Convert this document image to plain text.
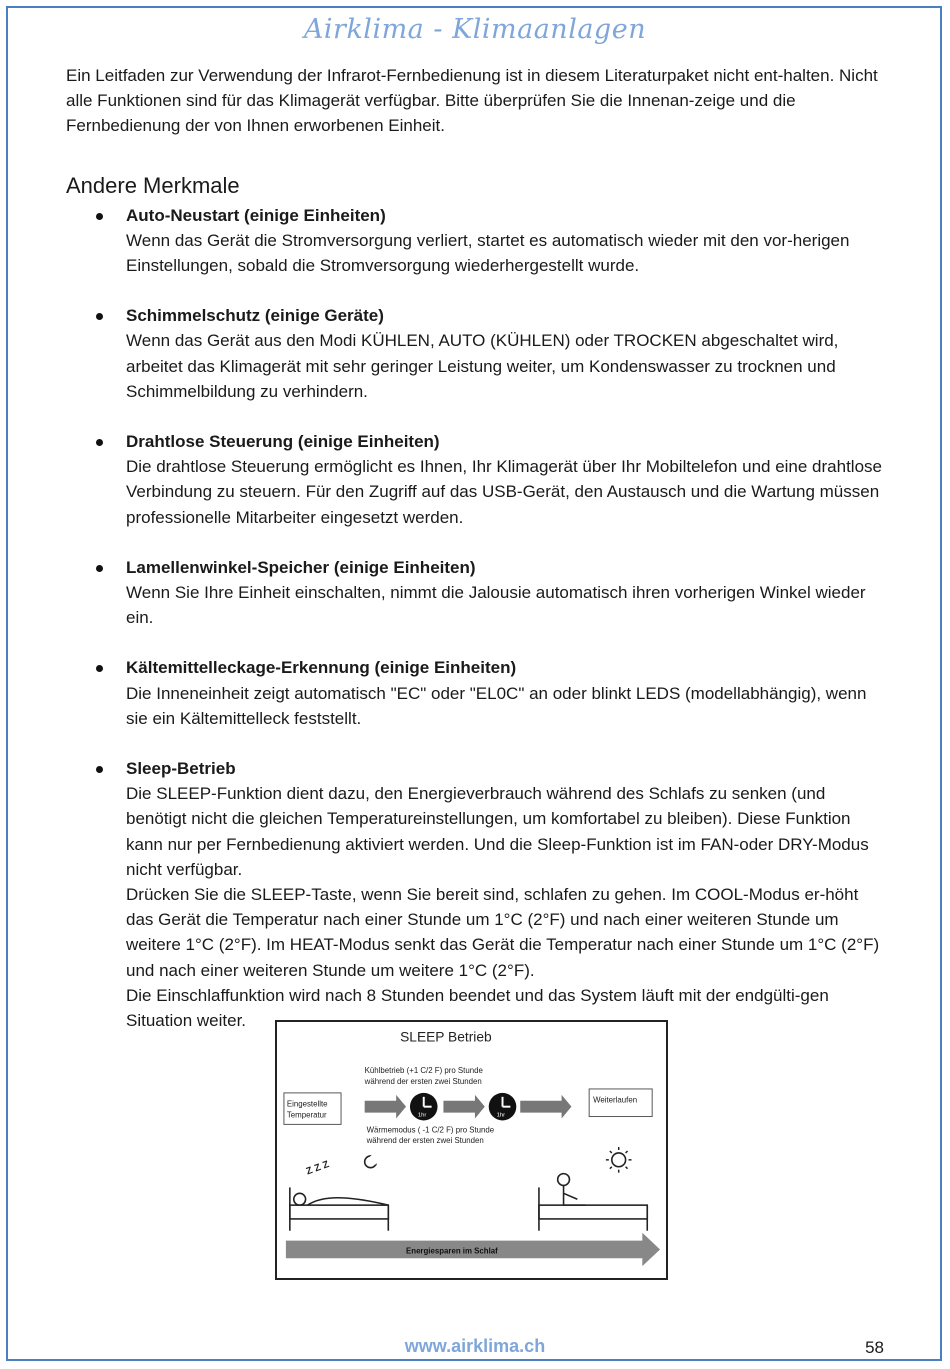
Airklima - Klimaanlagen

Ein Leitfaden zur Verwendung der Infrarot-Fernbedienung ist in diesem Literaturpaket nicht ent-halten. Nicht alle Funktionen sind für das Klimagerät verfügbar. Bitte überprüfen Sie die Innenan-zeige und die Fernbedienung der von Ihnen erworbenen Einheit.

Andere Merkmale
Auto-Neustart (einige Einheiten)

Wenn das Gerät die Stromversorgung verliert, startet es automatisch wieder mit den vor-herigen Einstellungen, sobald die Stromversorgung wiederhergestellt wurde.

Schimmelschutz (einige Geräte)

Wenn das Gerät aus den Modi KÜHLEN, AUTO (KÜHLEN) oder TROCKEN abgeschaltet wird, arbeitet das Klimagerät mit sehr geringer Leistung weiter, um Kondenswasser zu trocknen und Schimmelbildung zu verhindern.

Drahtlose Steuerung (einige Einheiten)

Die drahtlose Steuerung ermöglicht es Ihnen, Ihr Klimagerät über Ihr Mobiltelefon und eine drahtlose Verbindung zu steuern. Für den Zugriff auf das USB-Gerät, den Austausch und die Wartung müssen professionelle Mitarbeiter eingesetzt werden.

Lamellenwinkel-Speicher (einige Einheiten)

Wenn Sie Ihre Einheit einschalten, nimmt die Jalousie automatisch ihren vorherigen Winkel wieder ein.

Kältemittelleckage-Erkennung (einige Einheiten)

Die Inneneinheit zeigt automatisch "EC" oder "EL0C" an oder blinkt LEDS (modellabhängig), wenn sie ein Kältemittelleck feststellt.

Sleep-Betrieb

Die SLEEP-Funktion dient dazu, den Energieverbrauch während des Schlafs zu senken (und benötigt nicht die gleichen Temperatureinstellungen, um komfortabel zu bleiben). Diese Funktion kann nur per Fernbedienung aktiviert werden. Und die Sleep-Funktion ist im FAN-oder DRY-Modus nicht verfügbar.

Drücken Sie die SLEEP-Taste, wenn Sie bereit sind, schlafen zu gehen. Im COOL-Modus er-höht das Gerät die Temperatur nach einer Stunde um 1°C (2°F) und nach einer weiteren Stunde um weitere 1°C (2°F). Im HEAT-Modus senkt das Gerät die Temperatur nach einer Stunde um 1°C (2°F) und nach einer weiteren Stunde um weitere 1°C (2°F).

Die Einschlaffunktion wird nach 8 Stunden beendet und das System läuft mit der endgülti-gen Situation weiter.

SLEEP Betrieb
Kühlbetrieb (+1 C/2 F) pro Stunde
während der ersten zwei Stunden
Eingestellte
Temperatur	1hr	1hr
Weiterlaufen
Wärmemodus ( -1 C/2 F) pro Stunde
während der ersten zwei Stunden
Z Z Z
Energiesparen im Schlaf
www.airklima.ch	58
